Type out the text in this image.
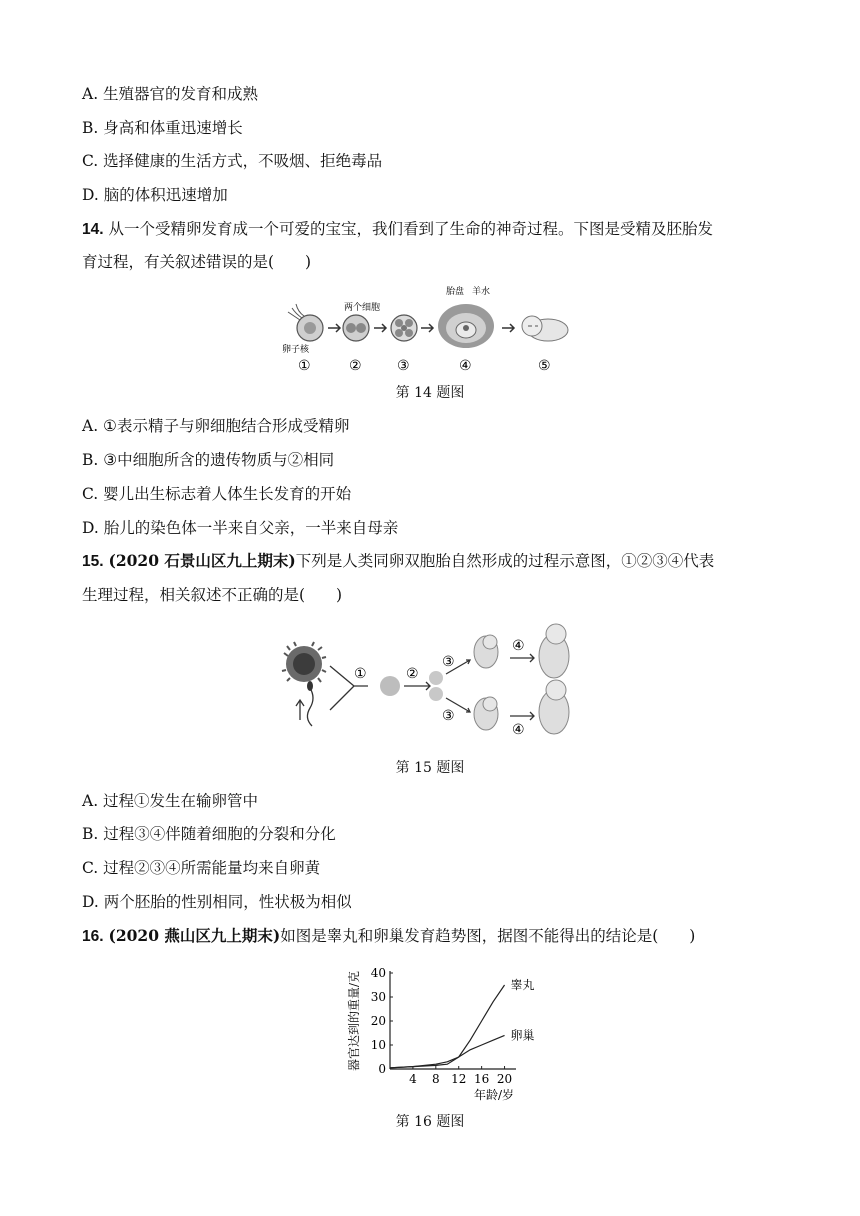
A. 生殖器官的发育和成熟
B. 身高和体重迅速增长
C. 选择健康的生活方式，不吸烟、拒绝毒品
D. 脑的体积迅速增加
14. 从一个受精卵发育成一个可爱的宝宝，我们看到了生命的神奇过程。下图是受精及胚胎发
育过程，有关叙述错误的是(　　)
卵子核
两个细胞
胎盘 羊水
①	②	③	④	⑤
第 14 题图
A. ①表示精子与卵细胞结合形成受精卵
B. ③中细胞所含的遗传物质与②相同
C. 婴儿出生标志着人体生长发育的开始
D. 胎儿的染色体一半来自父亲，一半来自母亲
15. (2020 石景山区九上期末)下列是人类同卵双胞胎自然形成的过程示意图，①②③④代表
生理过程，相关叙述不正确的是(　　)
①	②
③
③
④
④
第 15 题图
A. 过程①发生在输卵管中
B. 过程③④伴随着细胞的分裂和分化
C. 过程②③④所需能量均来自卵黄
D. 两个胚胎的性别相同，性状极为相似
16. (2020 燕山区九上期末)如图是睾丸和卵巢发育趋势图，据图不能得出的结论是(　　)
0
10
20
30
40
4 8 12 16 20
器官达到的重量/克
年龄/岁
睾丸
卵巢
第 16 题图
